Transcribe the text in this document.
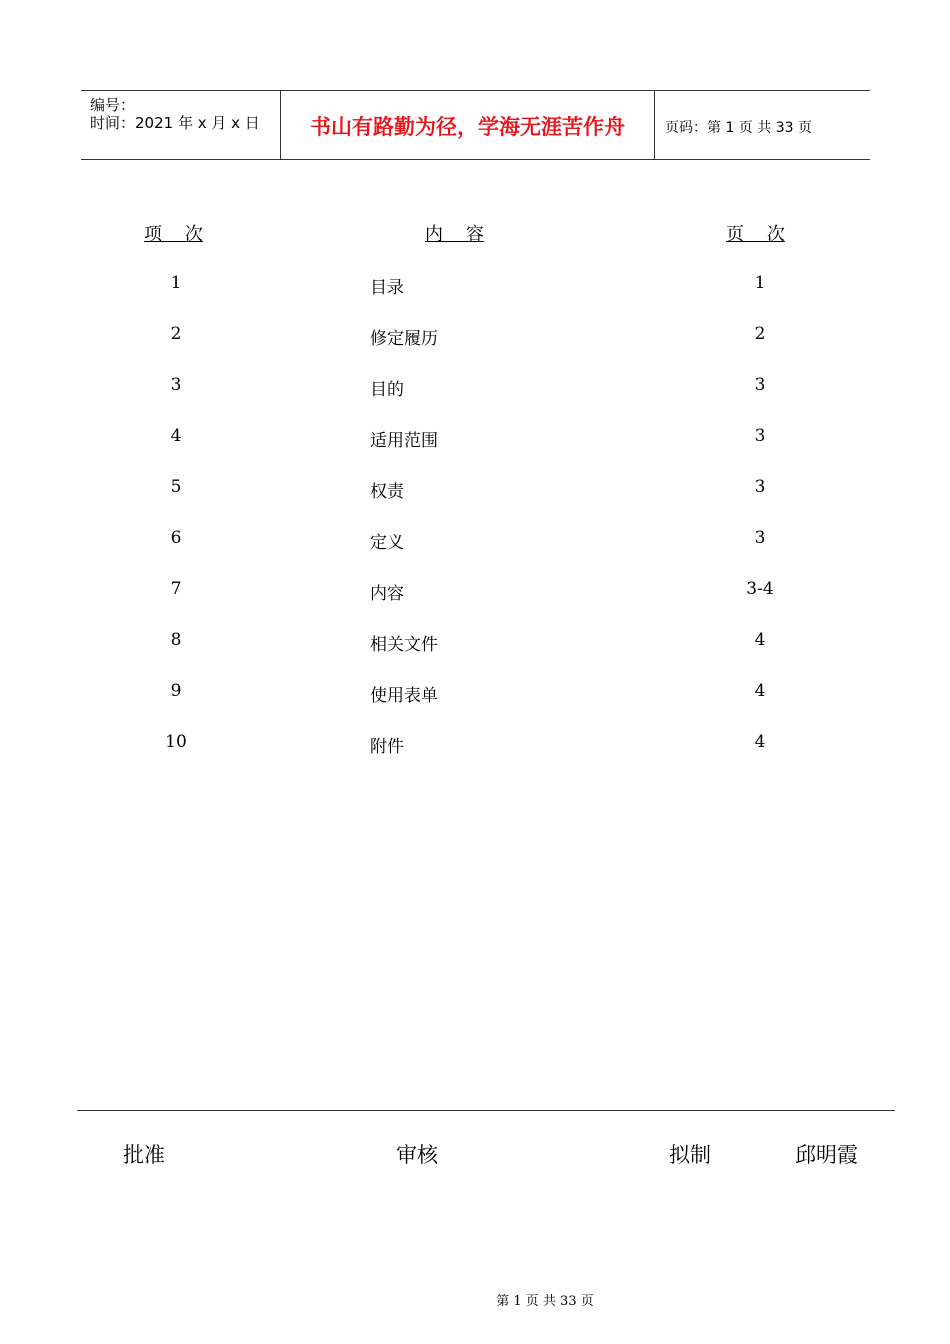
编号：
时间：2021 年 x 月 x 日	书山有路勤为径，学海无涯苦作舟	页码：第 1 页 共 33 页
项    次	内    容	页    次
1	目录	1
2	修定履历	2
3	目的	3
4	适用范围	3
5	权责	3
6	定义	3
7	内容	3-4
8	相关文件	4
9	使用表单	4
10	附件	4
批准	审核	拟制	邱明霞
第 1 页 共 33 页
